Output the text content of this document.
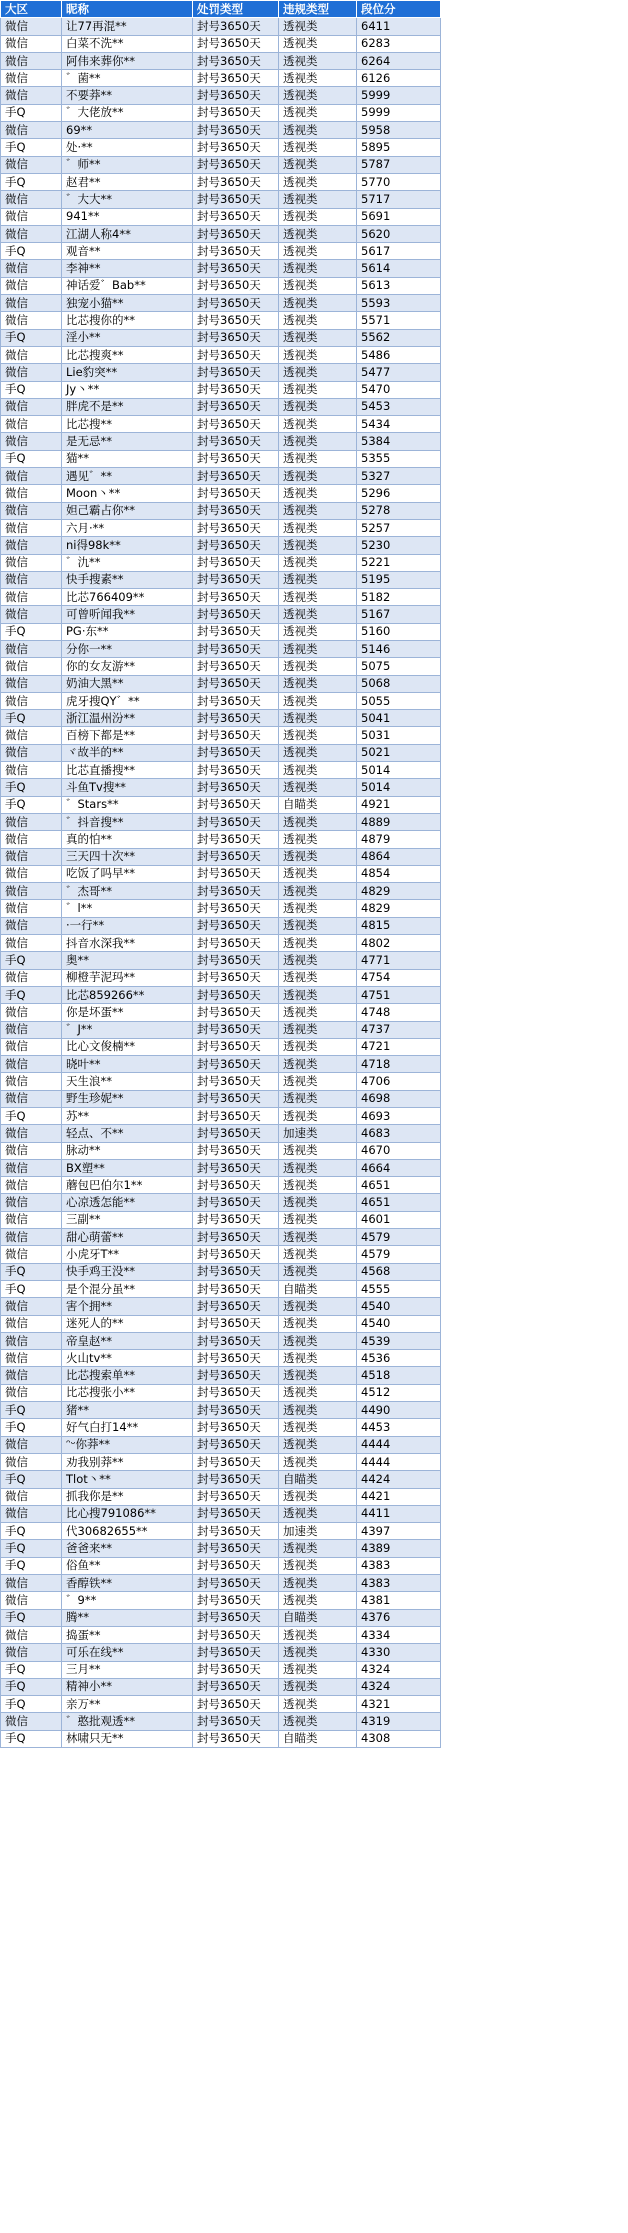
大区	昵称	处罚类型	违规类型	段位分
微信	让77再混**	封号3650天	透视类	6411
微信	白菜不洗**	封号3650天	透视类	6283
微信	阿伟来葬你**	封号3650天	透视类	6264
微信	゛菌**	封号3650天	透视类	6126
微信	不要莽**	封号3650天	透视类	5999
手Q	゛大佬放**	封号3650天	透视类	5999
微信	69**	封号3650天	透视类	5958
手Q	处·**	封号3650天	透视类	5895
微信	゛师**	封号3650天	透视类	5787
手Q	赵君**	封号3650天	透视类	5770
微信	゛大大**	封号3650天	透视类	5717
微信	941**	封号3650天	透视类	5691
微信	江湖人称4**	封号3650天	透视类	5620
手Q	观音**	封号3650天	透视类	5617
微信	李神**	封号3650天	透视类	5614
微信	神话爱゛Bab**	封号3650天	透视类	5613
微信	独宠小猫**	封号3650天	透视类	5593
微信	比芯搜你的**	封号3650天	透视类	5571
手Q	淫小**	封号3650天	透视类	5562
微信	比芯搜爽**	封号3650天	透视类	5486
微信	Lie豹突**	封号3650天	透视类	5477
手Q	Jy丶**	封号3650天	透视类	5470
微信	胖虎不是**	封号3650天	透视类	5453
微信	比芯搜**	封号3650天	透视类	5434
微信	是无忌**	封号3650天	透视类	5384
手Q	猫**	封号3650天	透视类	5355
微信	遇见゛**	封号3650天	透视类	5327
微信	Moon丶**	封号3650天	透视类	5296
微信	妲己霸占你**	封号3650天	透视类	5278
微信	六月·**	封号3650天	透视类	5257
微信	ni得98k**	封号3650天	透视类	5230
微信	゛氿**	封号3650天	透视类	5221
微信	快手搜素**	封号3650天	透视类	5195
微信	比芯766409**	封号3650天	透视类	5182
微信	可曾听闻我**	封号3650天	透视类	5167
手Q	PG·东**	封号3650天	透视类	5160
微信	分你一**	封号3650天	透视类	5146
微信	你的女友游**	封号3650天	透视类	5075
微信	奶油大黑**	封号3650天	透视类	5068
微信	虎牙搜QY゛**	封号3650天	透视类	5055
手Q	浙江温州汾**	封号3650天	透视类	5041
微信	百榜下都是**	封号3650天	透视类	5031
微信	ヾ故半的**	封号3650天	透视类	5021
微信	比芯直播搜**	封号3650天	透视类	5014
手Q	斗鱼Tv搜**	封号3650天	透视类	5014
手Q	゛Stars**	封号3650天	自瞄类	4921
微信	゛抖音搜**	封号3650天	透视类	4889
微信	真的怕**	封号3650天	透视类	4879
微信	三天四十次**	封号3650天	透视类	4864
微信	吃饭了吗早**	封号3650天	透视类	4854
微信	゛杰哥**	封号3650天	透视类	4829
微信	゛l**	封号3650天	透视类	4829
微信	·一行**	封号3650天	透视类	4815
微信	抖音水深我**	封号3650天	透视类	4802
手Q	奥**	封号3650天	透视类	4771
微信	柳橙芋泥玛**	封号3650天	透视类	4754
手Q	比芯859266**	封号3650天	透视类	4751
微信	你是坏蛋**	封号3650天	透视类	4748
微信	゛J**	封号3650天	透视类	4737
微信	比心文俊楠**	封号3650天	透视类	4721
微信	晓叶**	封号3650天	透视类	4718
微信	天生浪**	封号3650天	透视类	4706
微信	野生珍妮**	封号3650天	透视类	4698
手Q	苏**	封号3650天	透视类	4693
微信	轻点、不**	封号3650天	加速类	4683
微信	脉动**	封号3650天	透视类	4670
微信	BX塑**	封号3650天	透视类	4664
微信	蘑包巴伯尔1**	封号3650天	透视类	4651
微信	心凉透怎能**	封号3650天	透视类	4651
微信	三副**	封号3650天	透视类	4601
微信	甜心萌蕾**	封号3650天	透视类	4579
微信	小虎牙T**	封号3650天	透视类	4579
手Q	快手鸡王没**	封号3650天	透视类	4568
手Q	是个混分虽**	封号3650天	自瞄类	4555
微信	害个拥**	封号3650天	透视类	4540
微信	迷死人的**	封号3650天	透视类	4540
微信	帝皇赵**	封号3650天	透视类	4539
微信	火山tv**	封号3650天	透视类	4536
微信	比芯搜索单**	封号3650天	透视类	4518
微信	比芯搜张小**	封号3650天	透视类	4512
手Q	猪**	封号3650天	透视类	4490
手Q	好气白打14**	封号3650天	透视类	4453
微信	ᵔᵕ你莽**	封号3650天	透视类	4444
微信	劝我别莽**	封号3650天	透视类	4444
手Q	Tlot丶**	封号3650天	自瞄类	4424
微信	抓我你是**	封号3650天	透视类	4421
微信	比心搜791086**	封号3650天	透视类	4411
手Q	代30682655**	封号3650天	加速类	4397
手Q	爸爸来**	封号3650天	透视类	4389
手Q	俗鱼**	封号3650天	透视类	4383
微信	香醇铁**	封号3650天	透视类	4383
微信	゛9**	封号3650天	透视类	4381
手Q	腾**	封号3650天	自瞄类	4376
微信	捣蛋**	封号3650天	透视类	4334
微信	可乐在线**	封号3650天	透视类	4330
手Q	三月**	封号3650天	透视类	4324
手Q	精神小**	封号3650天	透视类	4324
手Q	亲万**	封号3650天	透视类	4321
微信	゛憨批观透**	封号3650天	透视类	4319
手Q	林啸只无**	封号3650天	自瞄类	4308
